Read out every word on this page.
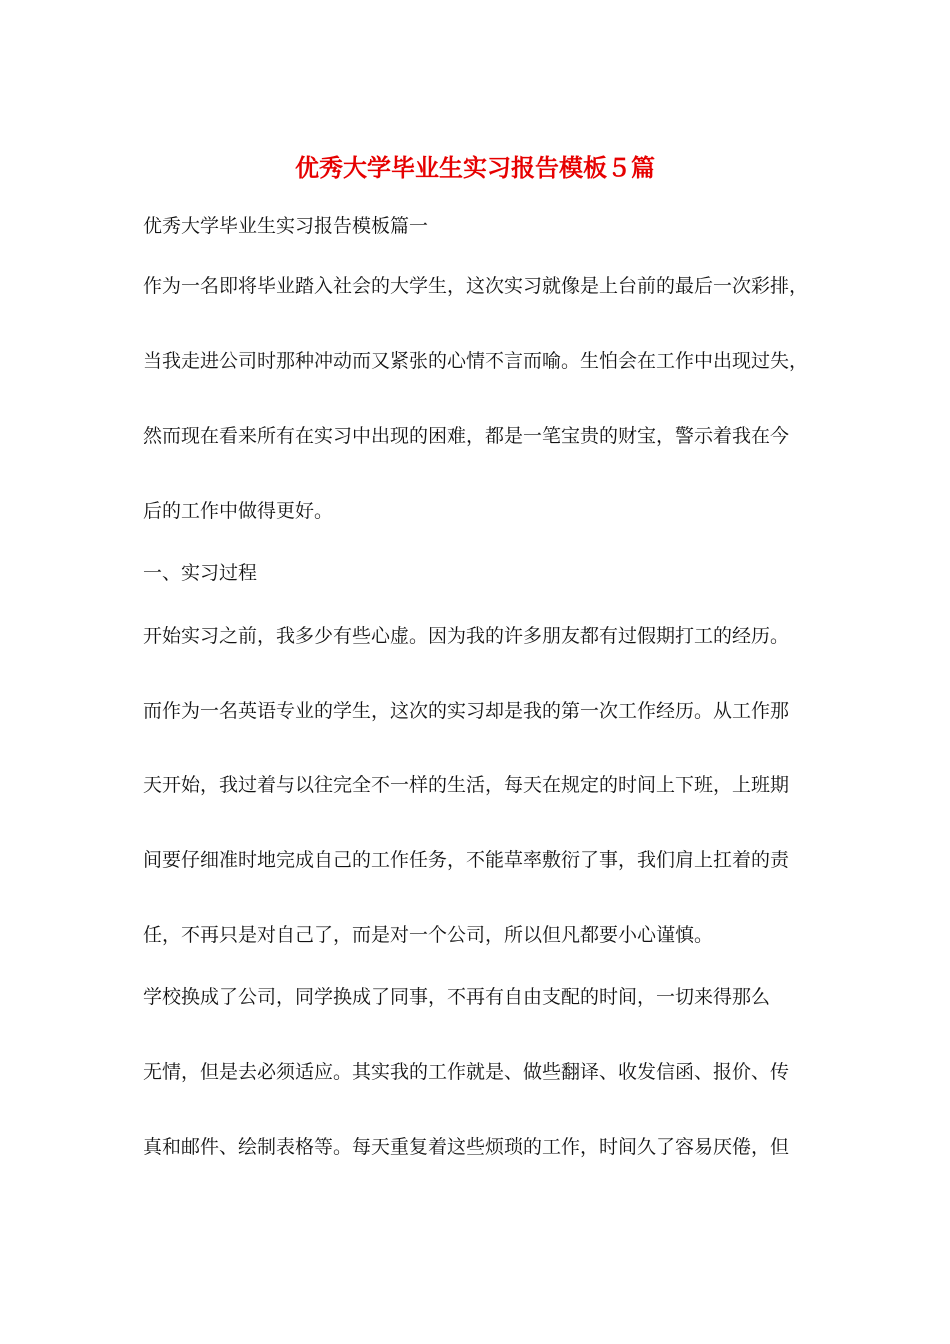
优秀大学毕业生实习报告模板５篇
优秀大学毕业生实习报告模板篇一
作为一名即将毕业踏入社会的大学生，这次实习就像是上台前的最后一次彩排，
当我走进公司时那种冲动而又紧张的心情不言而喻。生怕会在工作中出现过失，
然而现在看来所有在实习中出现的困难，都是一笔宝贵的财宝，警示着我在今
后的工作中做得更好。
一、实习过程
开始实习之前，我多少有些心虚。因为我的许多朋友都有过假期打工的经历。
而作为一名英语专业的学生，这次的实习却是我的第一次工作经历。从工作那
天开始，我过着与以往完全不一样的生活，每天在规定的时间上下班，上班期
间要仔细准时地完成自己的工作任务，不能草率敷衍了事，我们肩上扛着的责
任，不再只是对自己了，而是对一个公司，所以但凡都要小心谨慎。
学校换成了公司，同学换成了同事，不再有自由支配的时间，一切来得那么
无情，但是去必须适应。其实我的工作就是、做些翻译、收发信函、报价、传
真和邮件、绘制表格等。每天重复着这些烦琐的工作，时间久了容易厌倦，但
